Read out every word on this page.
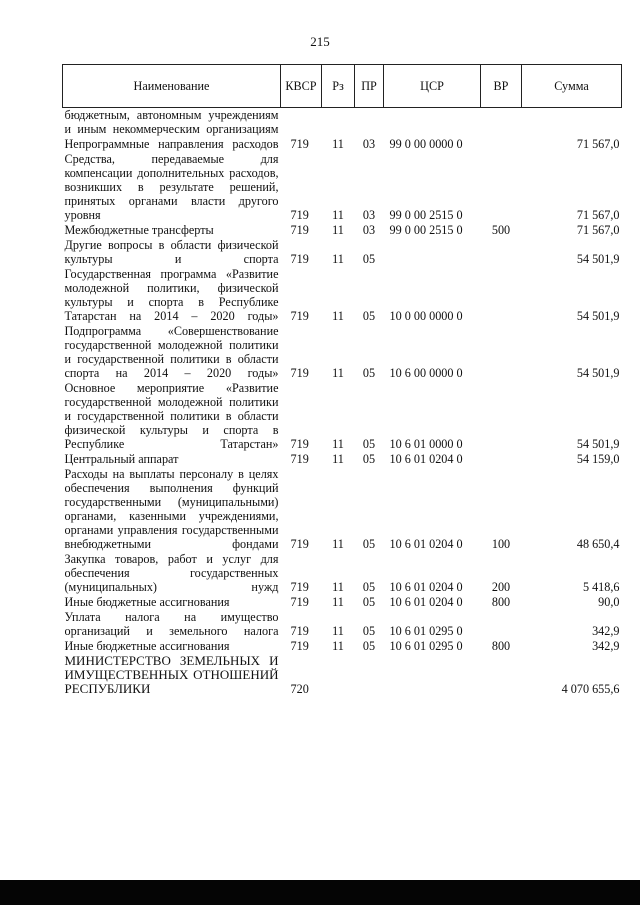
215
Наименование	КВСР	Рз	ПР	ЦСР	ВР	Сумма
бюджетным, автономным учреждениям и иным некоммерческим организациям						
Непрограммные направления расходов	719	11	03	99 0 00 0000 0		71 567,0
Средства, передаваемые для компенсации дополнительных расходов, возникших в результате решений, принятых органами власти другого уровня	719	11	03	99 0 00 2515 0		71 567,0
Межбюджетные трансферты	719	11	03	99 0 00 2515 0	500	71 567,0
Другие вопросы в области физической культуры и спорта	719	11	05			54 501,9
Государственная программа «Развитие молодежной политики, физической культуры и спорта в Республике Татарстан на 2014 – 2020 годы»	719	11	05	10 0 00 0000 0		54 501,9
Подпрограмма «Совершенствование государственной молодежной политики и государственной политики в области спорта на 2014 – 2020 годы»	719	11	05	10 6 00 0000 0		54 501,9
Основное мероприятие «Развитие государственной молодежной политики и государственной политики в области физической культуры и спорта в Республике Татарстан»	719	11	05	10 6 01 0000 0		54 501,9
Центральный аппарат	719	11	05	10 6 01 0204 0		54 159,0
Расходы на выплаты персоналу в целях обеспечения выполнения функций государственными (муниципальными) органами, казенными учреждениями, органами управления государственными внебюджетными фондами	719	11	05	10 6 01 0204 0	100	48 650,4
Закупка товаров, работ и услуг для обеспечения государственных (муниципальных) нужд	719	11	05	10 6 01 0204 0	200	5 418,6
Иные бюджетные ассигнования	719	11	05	10 6 01 0204 0	800	90,0
Уплата налога на имущество организаций и земельного налога	719	11	05	10 6 01 0295 0		342,9
Иные бюджетные ассигнования	719	11	05	10 6 01 0295 0	800	342,9
МИНИСТЕРСТВО ЗЕМЕЛЬНЫХ И ИМУЩЕСТВЕННЫХ ОТНОШЕНИЙ РЕСПУБЛИКИ	720					4 070 655,6
